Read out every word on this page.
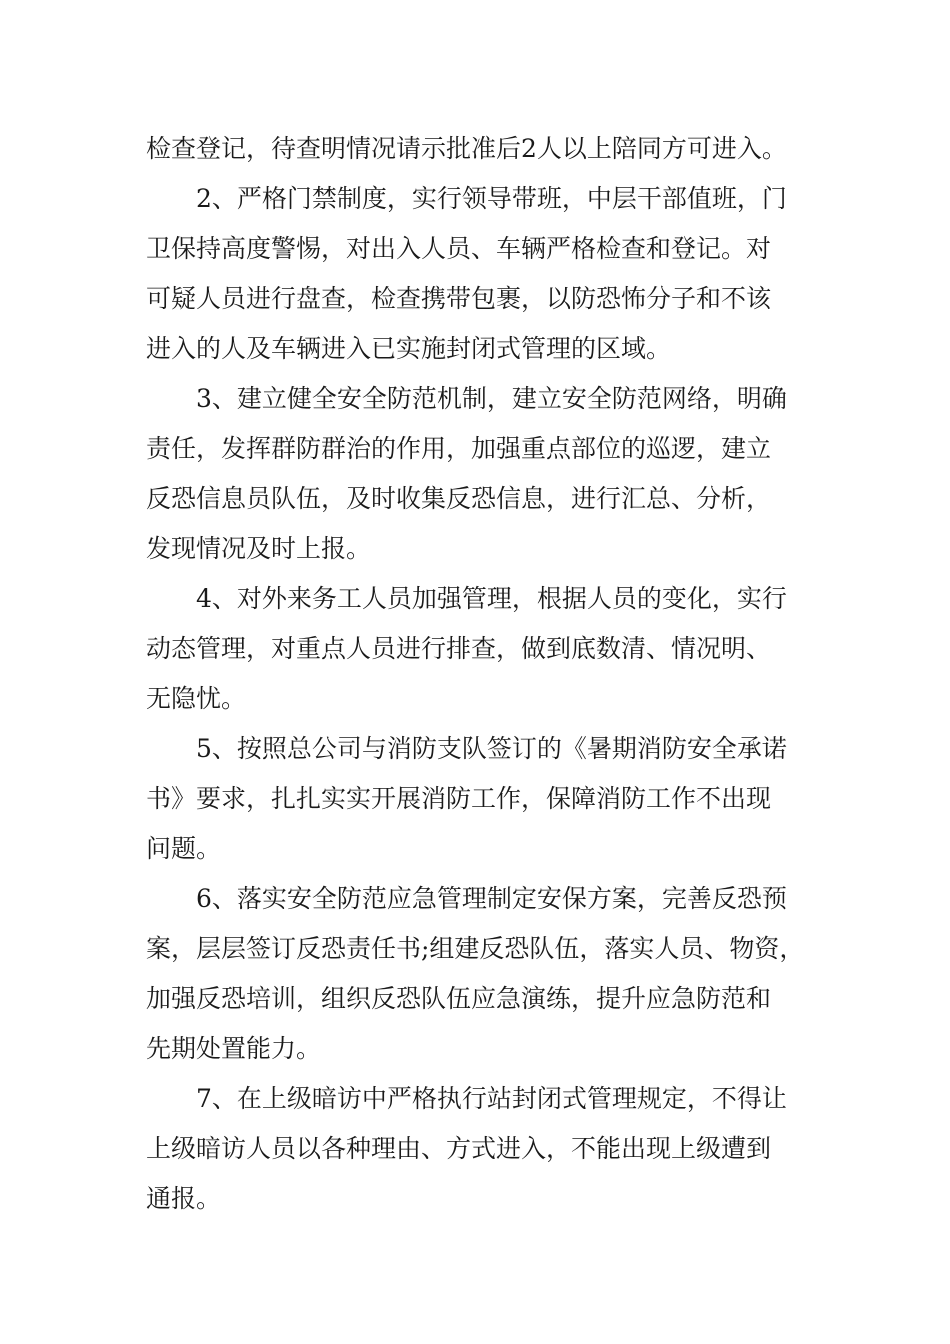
检查登记，待查明情况请示批准后2人以上陪同方可进入。
2、严格门禁制度，实行领导带班，中层干部值班，门
卫保持高度警惕，对出入人员、车辆严格检查和登记。对
可疑人员进行盘查，检查携带包裹，以防恐怖分子和不该
进入的人及车辆进入已实施封闭式管理的区域。
3、建立健全安全防范机制，建立安全防范网络，明确
责任，发挥群防群治的作用，加强重点部位的巡逻，建立
反恐信息员队伍，及时收集反恐信息，进行汇总、分析，
发现情况及时上报。
4、对外来务工人员加强管理，根据人员的变化，实行
动态管理，对重点人员进行排查，做到底数清、情况明、
无隐忧。
5、按照总公司与消防支队签订的《暑期消防安全承诺
书》要求，扎扎实实开展消防工作，保障消防工作不出现
问题。
6、落实安全防范应急管理制定安保方案，完善反恐预
案，层层签订反恐责任书;组建反恐队伍，落实人员、物资，
加强反恐培训，组织反恐队伍应急演练，提升应急防范和
先期处置能力。
7、在上级暗访中严格执行站封闭式管理规定，不得让
上级暗访人员以各种理由、方式进入，不能出现上级遭到
通报。
